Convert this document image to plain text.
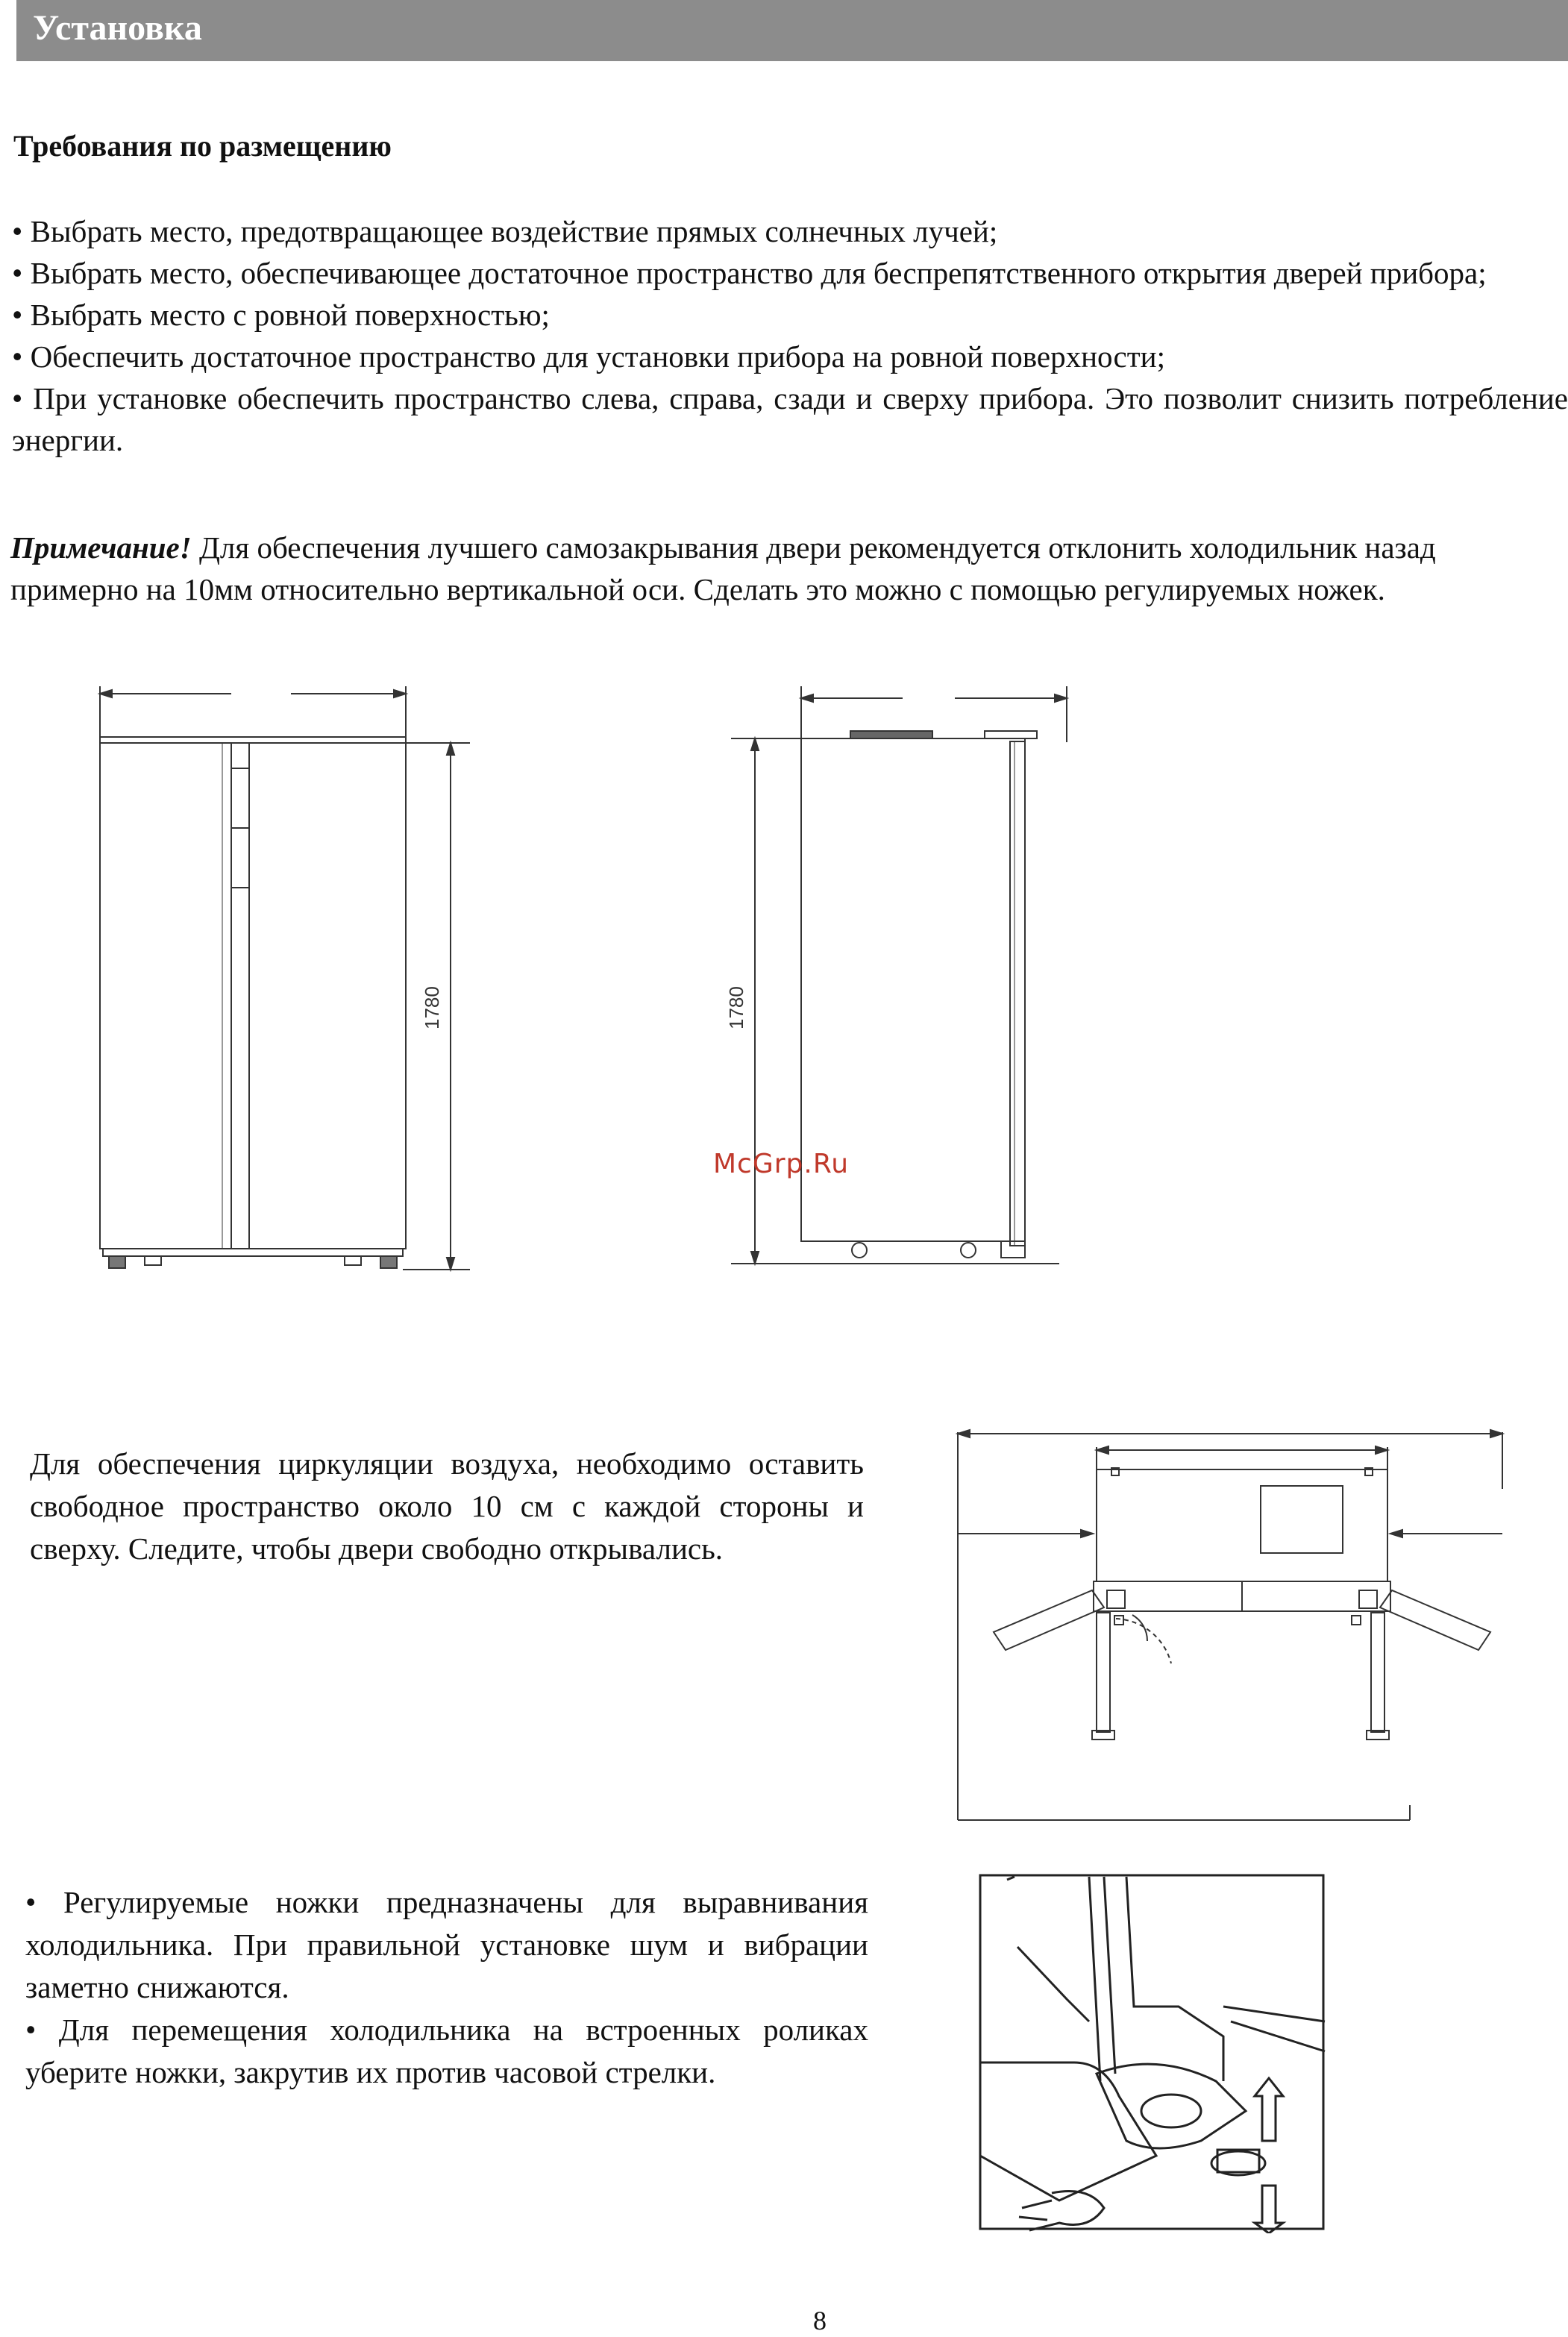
Установка
Требования по размещению
• Выбрать место, предотвращающее воздействие прямых солнечных лучей;
• Выбрать место, обеспечивающее достаточное пространство для беспрепятственного открытия дверей прибора;
• Выбрать место с ровной поверхностью;
• Обеспечить достаточное пространство для установки прибора на ровной поверхности;
• При установке обеспечить пространство слева, справа, сзади и сверху прибора. Это позволит снизить потребление энергии.
Примечание! Для обеспечения лучшего самозакрывания двери рекомендуется отклонить холодильник назад примерно на 10мм относительно вертикальной оси. Сделать это можно с помощью регулируемых ножек.
1780	1780
McGrp.Ru

Для обеспечения циркуляции воздуха, необходимо оставить свободное пространство около 10 см с каждой стороны и сверху. Следите, чтобы двери свободно открывались.

• Регулируемые ножки предназначены для выравнивания холодильника. При правильной установке шум и вибрации заметно снижаются.
• Для перемещения холодильника на встроенных роликах уберите ножки, закрутив их против часовой стрелки.
8
